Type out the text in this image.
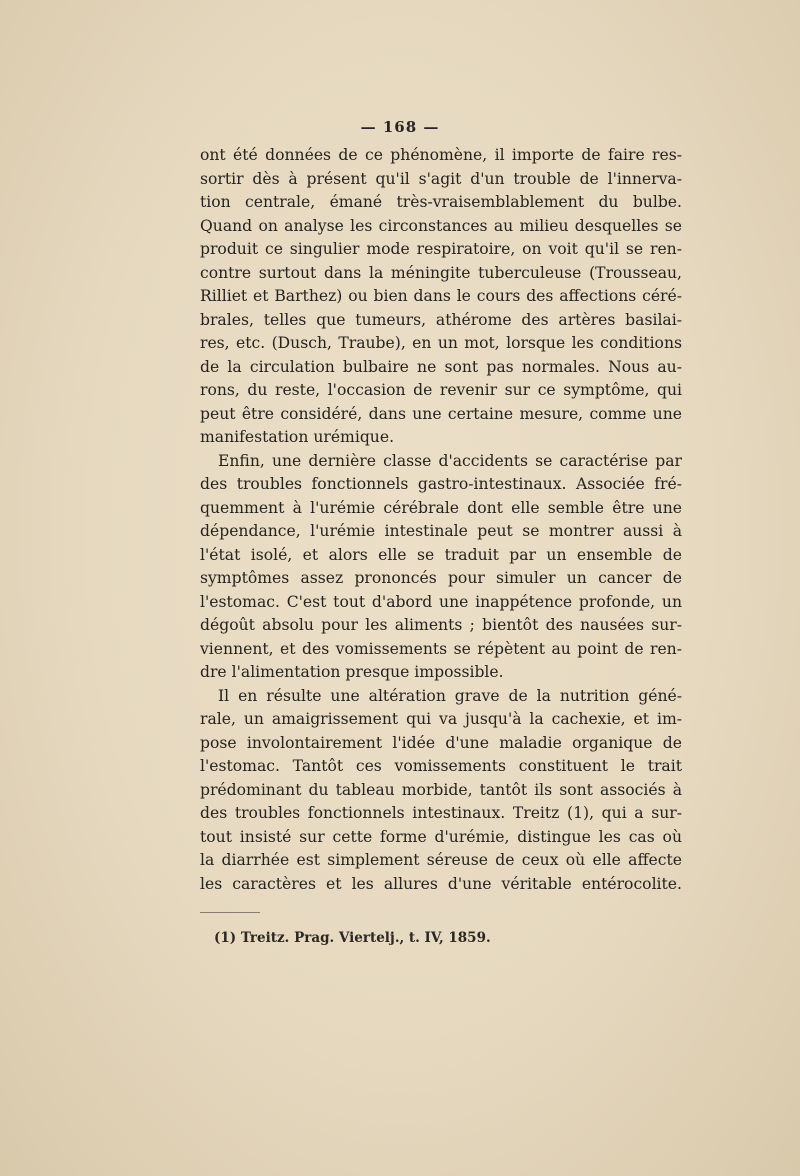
— 168 —
ont été données de ce phénomène, il importe de faire res-
sortir dès à présent qu'il s'agit d'un trouble de l'innerva-
tion centrale, émané très-vraisemblablement du bulbe.
Quand on analyse les circonstances au milieu desquelles se
produit ce singulier mode respiratoire, on voit qu'il se ren-
contre surtout dans la méningite tuberculeuse (Trousseau,
Rilliet et Barthez) ou bien dans le cours des affections céré-
brales, telles que tumeurs, athérome des artères basilai-
res, etc. (Dusch, Traube), en un mot, lorsque les conditions
de la circulation bulbaire ne sont pas normales. Nous au-
rons, du reste, l'occasion de revenir sur ce symptôme, qui
peut être considéré, dans une certaine mesure, comme une
manifestation urémique.
Enfin, une dernière classe d'accidents se caractérise par
des troubles fonctionnels gastro-intestinaux. Associée fré-
quemment à l'urémie cérébrale dont elle semble être une
dépendance, l'urémie intestinale peut se montrer aussi à
l'état isolé, et alors elle se traduit par un ensemble de
symptômes assez prononcés pour simuler un cancer de
l'estomac. C'est tout d'abord une inappétence profonde, un
dégoût absolu pour les aliments ; bientôt des nausées sur-
viennent, et des vomissements se répètent au point de ren-
dre l'alimentation presque impossible.
Il en résulte une altération grave de la nutrition géné-
rale, un amaigrissement qui va jusqu'à la cachexie, et im-
pose involontairement l'idée d'une maladie organique de
l'estomac. Tantôt ces vomissements constituent le trait
prédominant du tableau morbide, tantôt ils sont associés à
des troubles fonctionnels intestinaux. Treitz (1), qui a sur-
tout insisté sur cette forme d'urémie, distingue les cas où
la diarrhée est simplement séreuse de ceux où elle affecte
les caractères et les allures d'une véritable entérocolite.
(1) Treitz. Prag. Viertelj., t. IV, 1859.
